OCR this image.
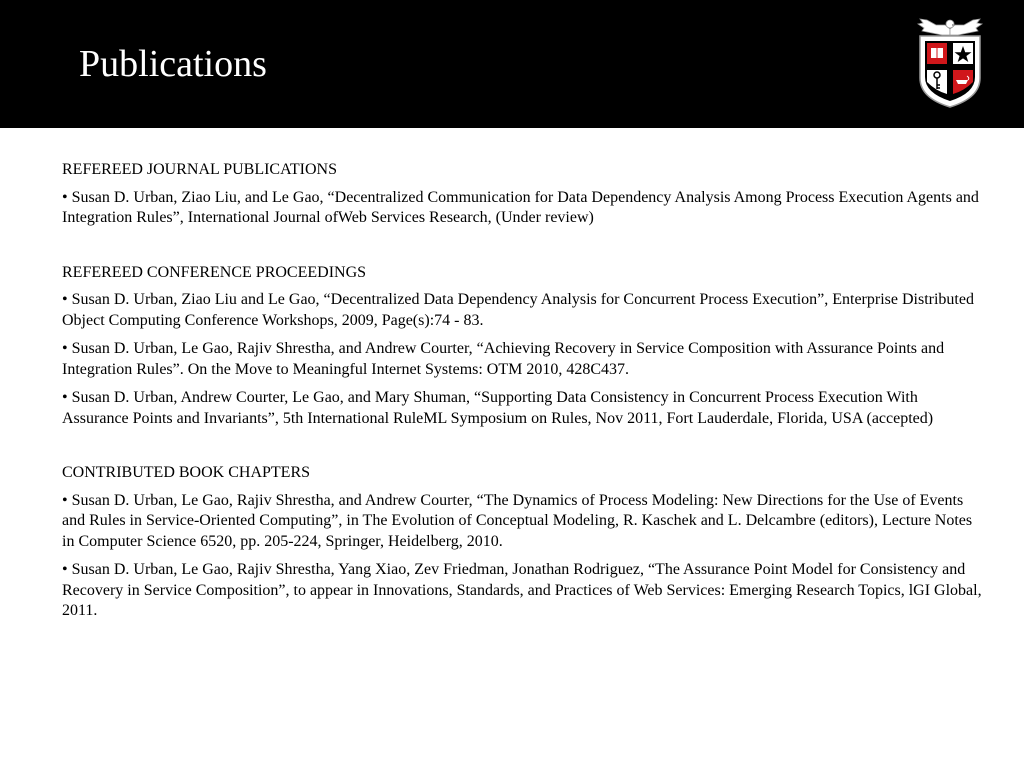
Publications

REFEREED JOURNAL PUBLICATIONS

• Susan D. Urban, Ziao Liu, and Le Gao, “Decentralized Communication for Data Dependency Analysis Among Process Execution Agents and Integration Rules”, International Journal ofWeb Services Research, (Under review)

REFEREED CONFERENCE PROCEEDINGS

• Susan D. Urban, Ziao Liu and Le Gao, “Decentralized Data Dependency Analysis for Concurrent Process Execution”, Enterprise Distributed Object Computing Conference Workshops, 2009, Page(s):74 - 83.

• Susan D. Urban, Le Gao, Rajiv Shrestha, and Andrew Courter, “Achieving Recovery in Service Composition with Assurance Points and Integration Rules”. On the Move to Meaningful Internet Systems: OTM 2010, 428C437.

• Susan D. Urban, Andrew Courter, Le Gao, and Mary Shuman, “Supporting Data Consistency in Concurrent Process Execution With Assurance Points and Invariants”, 5th International RuleML Symposium on Rules, Nov 2011, Fort Lauderdale, Florida, USA (accepted)

CONTRIBUTED BOOK CHAPTERS

• Susan D. Urban, Le Gao, Rajiv Shrestha, and Andrew Courter, “The Dynamics of Process Modeling: New Directions for the Use of Events and Rules in Service-Oriented Computing”, in The Evolution of Conceptual Modeling, R. Kaschek and L. Delcambre (editors), Lecture Notes in Computer Science 6520, pp. 205-224, Springer, Heidelberg, 2010.

• Susan D. Urban, Le Gao, Rajiv Shrestha, Yang Xiao, Zev Friedman, Jonathan Rodriguez, “The Assurance Point Model for Consistency and Recovery in Service Composition”, to appear in Innovations, Standards, and Practices of Web Services: Emerging Research Topics, lGI Global, 2011.
